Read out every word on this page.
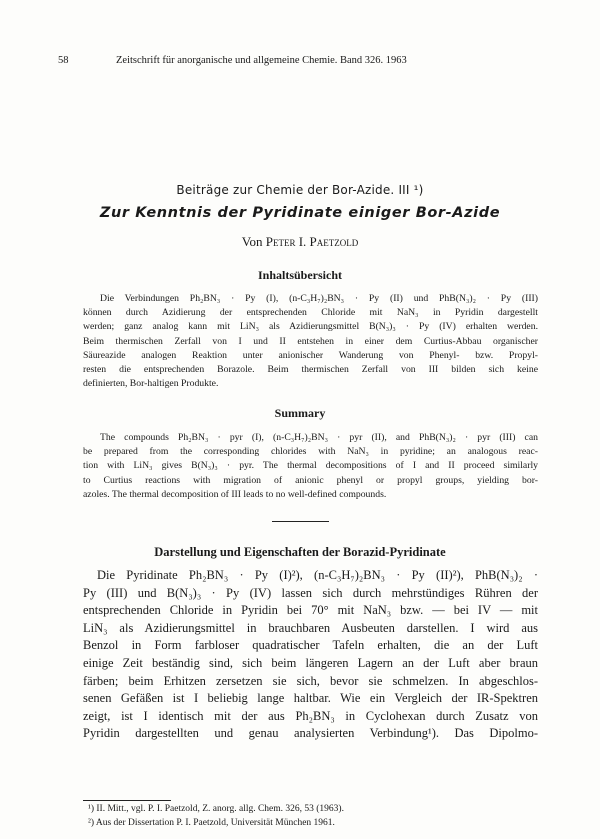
58	Zeitschrift für anorganische und allgemeine Chemie. Band 326. 1963
Beiträge zur Chemie der Bor-Azide. III ¹)
Zur Kenntnis der Pyridinate einiger Bor-Azide
Von Peter I. Paetzold
Inhaltsübersicht
Die Verbindungen Ph₂BN₃ · Py (I), (n-C₃H₇)₂BN₃ · Py (II) und PhB(N₃)₂ · Py (III)
können durch Azidierung der entsprechenden Chloride mit NaN₃ in Pyridin dargestellt
werden; ganz analog kann mit LiN₃ als Azidierungsmittel B(N₃)₃ · Py (IV) erhalten werden.
Beim thermischen Zerfall von I und II entstehen in einer dem Curtius-Abbau organischer
Säureazide analogen Reaktion unter anionischer Wanderung von Phenyl- bzw. Propyl-
resten die entsprechenden Borazole. Beim thermischen Zerfall von III bilden sich keine
definierten, Bor-haltigen Produkte.
Summary
The compounds Ph₂BN₃ · pyr (I), (n-C₃H₇)₂BN₃ · pyr (II), and PhB(N₃)₂ · pyr (III) can
be prepared from the corresponding chlorides with NaN₃ in pyridine; an analogous reac-
tion with LiN₃ gives B(N₃)₃ · pyr. The thermal decompositions of I and II proceed similarly
to Curtius reactions with migration of anionic phenyl or propyl groups, yielding bor-
azoles. The thermal decomposition of III leads to no well-defined compounds.
Darstellung und Eigenschaften der Borazid-Pyridinate
Die Pyridinate Ph₂BN₃ · Py (I)²), (n-C₃H₇)₂BN₃ · Py (II)²), PhB(N₃)₂ ·
Py (III) und B(N₃)₃ · Py (IV) lassen sich durch mehrstündiges Rühren der
entsprechenden Chloride in Pyridin bei 70° mit NaN₃ bzw. — bei IV — mit
LiN₃ als Azidierungsmittel in brauchbaren Ausbeuten darstellen. I wird aus
Benzol in Form farbloser quadratischer Tafeln erhalten, die an der Luft
einige Zeit beständig sind, sich beim längeren Lagern an der Luft aber braun
färben; beim Erhitzen zersetzen sie sich, bevor sie schmelzen. In abgeschlos-
senen Gefäßen ist I beliebig lange haltbar. Wie ein Vergleich der IR-Spektren
zeigt, ist I identisch mit der aus Ph₂BN₃ in Cyclohexan durch Zusatz von
Pyridin dargestellten und genau analysierten Verbindung¹). Das Dipolmo-
¹) II. Mitt., vgl. P. I. Paetzold, Z. anorg. allg. Chem. 326, 53 (1963).
²) Aus der Dissertation P. I. Paetzold, Universität München 1961.
